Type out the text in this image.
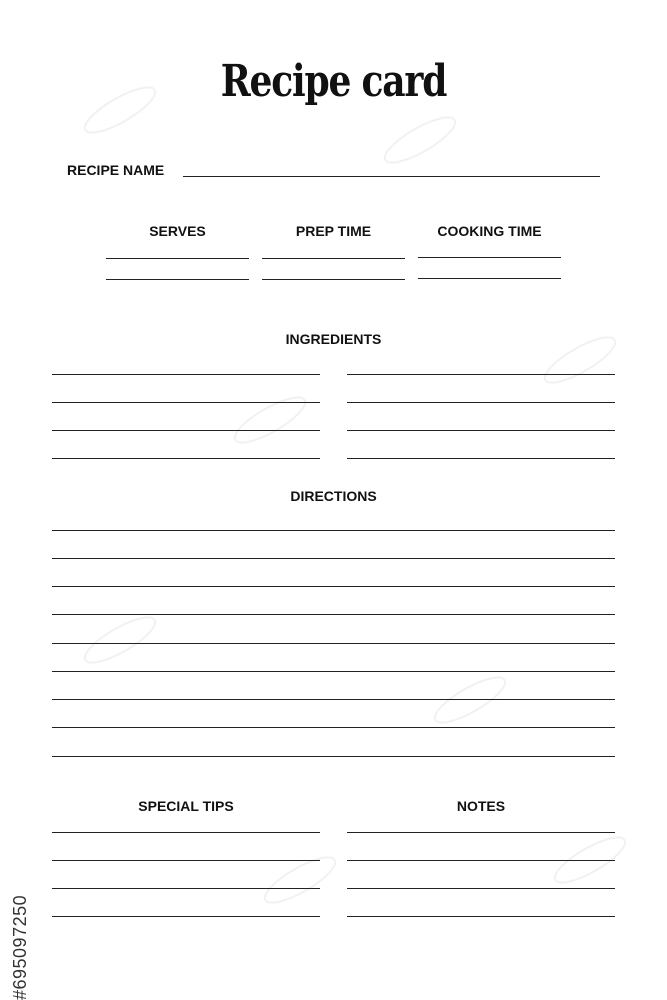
Recipe card
RECIPE NAME
SERVES	PREP TIME	COOKING TIME
INGREDIENTS
DIRECTIONS
SPECIAL TIPS	NOTES
#695097250
